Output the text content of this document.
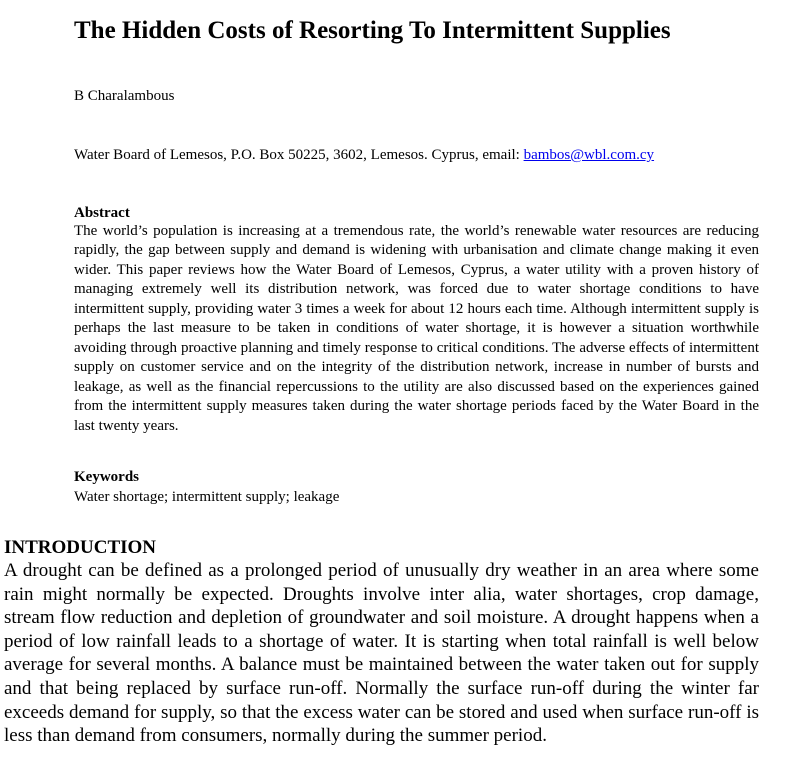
The Hidden Costs of Resorting To Intermittent Supplies
B Charalambous
Water Board of Lemesos, P.O. Box 50225, 3602, Lemesos. Cyprus, email: bambos@wbl.com.cy
Abstract

The world’s population is increasing at a tremendous rate, the world’s renewable water resources are reducing rapidly, the gap between supply and demand is widening with urbanisation and climate change making it even wider. This paper reviews how the Water Board of Lemesos, Cyprus, a water utility with a proven history of managing extremely well its distribution network, was forced due to water shortage conditions to have intermittent supply, providing water 3 times a week for about 12 hours each time. Although intermittent supply is perhaps the last measure to be taken in conditions of water shortage, it is however a situation worthwhile avoiding through proactive planning and timely response to critical conditions. The adverse effects of intermittent supply on customer service and on the integrity of the distribution network, increase in number of bursts and leakage, as well as the financial repercussions to the utility are also discussed based on the experiences gained from the intermittent supply measures taken during the water shortage periods faced by the Water Board in the last twenty years.

Keywords
Water shortage; intermittent supply; leakage
INTRODUCTION

A drought can be defined as a prolonged period of unusually dry weather in an area where some rain might normally be expected. Droughts involve inter alia, water shortages, crop damage, stream flow reduction and depletion of groundwater and soil moisture. A drought happens when a period of low rainfall leads to a shortage of water. It is starting when total rainfall is well below average for several months. A balance must be maintained between the water taken out for supply and that being replaced by surface run-off. Normally the surface run-off during the winter far exceeds demand for supply, so that the excess water can be stored and used when surface run-off is less than demand from consumers, normally during the summer period.
